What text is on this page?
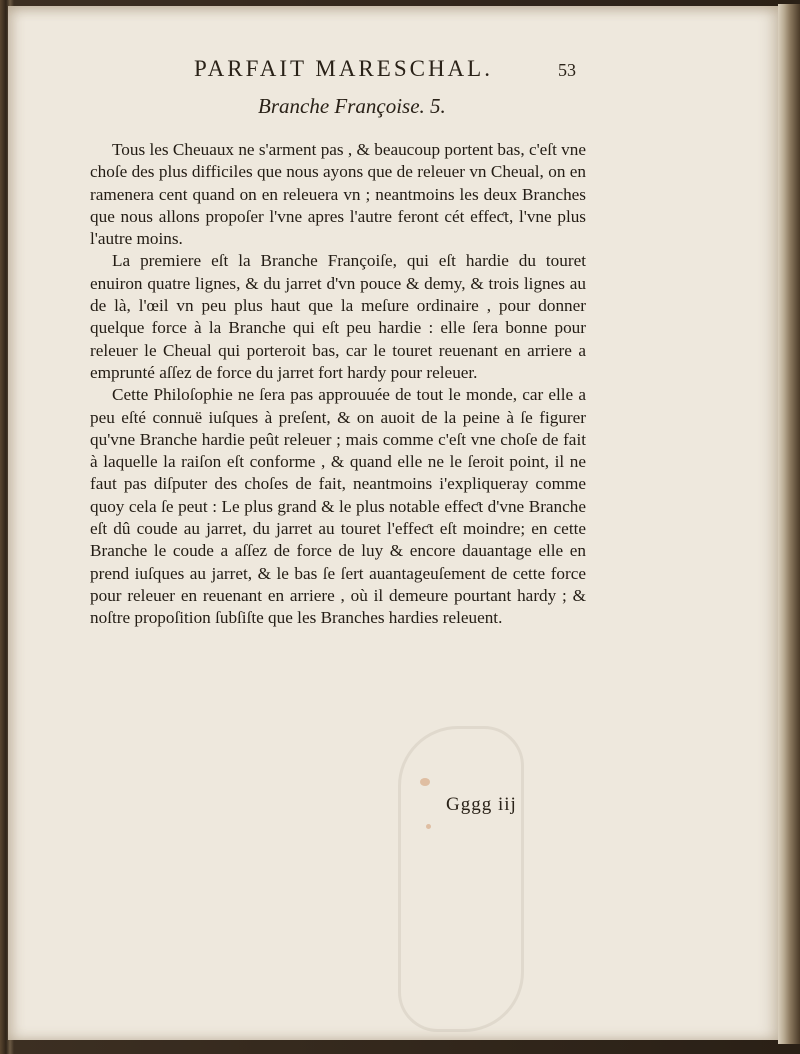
PARFAIT MARESCHAL.	53
Branche Françoise. 5.

Tous les Cheuaux ne s'arment pas , & beaucoup portent bas, c'eſt vne choſe des plus difficiles que nous ayons que de releuer vn Cheual, on en ramenera cent quand on en releuera vn ; neantmoins les deux Branches que nous allons propoſer l'vne apres l'autre feront cét effeƈt, l'vne plus l'autre moins.

La premiere eſt la Branche Françoiſe, qui eſt hardie du touret enuiron quatre lignes, & du jarret d'vn pouce & demy, & trois lignes au de là, l'œil vn peu plus haut que la meſure ordinaire , pour donner quelque force à la Branche qui eſt peu hardie : elle ſera bonne pour releuer le Cheual qui porteroit bas, car le touret reuenant en arriere a emprunté aſſez de force du jarret fort hardy pour releuer.

Cette Philoſophie ne ſera pas approuuée de tout le monde, car elle a peu eſté connuë iuſques à preſent, & on auoit de la peine à ſe figurer qu'vne Branche hardie peût releuer ; mais comme c'eſt vne choſe de fait à laquelle la raiſon eſt conforme , & quand elle ne le ſeroit point, il ne faut pas diſputer des choſes de fait, neantmoins i'expliqueray comme quoy cela ſe peut : Le plus grand & le plus notable effeƈt d'vne Branche eſt dû coude au jarret, du jarret au touret l'effeƈt eſt moindre; en cette Branche le coude a aſſez de force de luy & encore dauantage elle en prend iuſques au jarret, & le bas ſe ſert auantageuſement de cette force pour releuer en reuenant en arriere , où il demeure pourtant hardy ; & noſtre propoſition ſubſiſte que les Branches hardies releuent.

Gggg iij
